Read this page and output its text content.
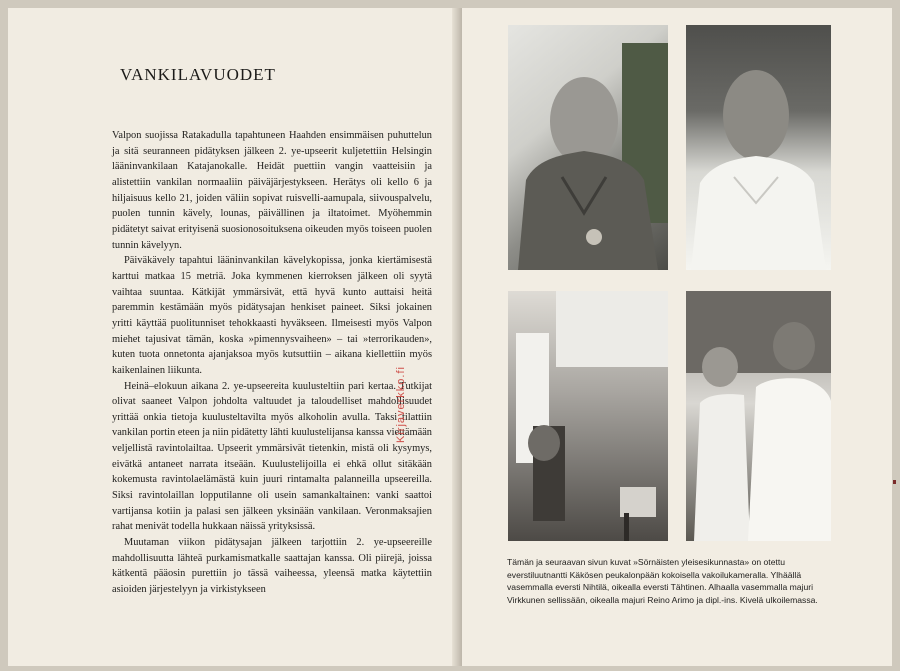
VANKILAVUODET

Valpon suojissa Ratakadulla tapahtuneen Haahden ensimmäisen puhuttelun ja sitä seuranneen pidätyksen jälkeen 2. ye-upseerit kuljetettiin Helsingin lääninvankilaan Katajanokalle. Heidät puettiin vangin vaatteisiin ja alistettiin vankilan normaaliin päiväjärjestykseen. Herätys oli kello 6 ja hiljaisuus kello 21, joiden väliin sopivat ruisvelli-aamupala, siivouspalvelu, puolen tunnin kävely, lounas, päivällinen ja iltatoimet. Myöhemmin pidätetyt saivat erityisenä suosionosoituksena oikeuden myös toiseen puolen tunnin kävelyyn.

Päiväkävely tapahtui lääninvankilan kävelykopissa, jonka kiertämisestä karttui matkaa 15 metriä. Joka kymmenen kierroksen jälkeen oli syytä vaihtaa suuntaa. Kätkijät ymmärsivät, että hyvä kunto auttaisi heitä paremmin kestämään myös pidätysajan henkiset paineet. Siksi jokainen yritti käyttää puolitunniset tehokkaasti hyväkseen. Ilmeisesti myös Valpon miehet tajusivat tämän, koska »pimennysvaiheen» – tai »terrorikauden», kuten tuota onnetonta ajanjaksoa myös kutsuttiin – aikana kiellettiin myös kaikenlainen liikunta.

Heinä–elokuun aikana 2. ye-upseereita kuulusteltiin pari kertaa. Tutkijat olivat saaneet Valpon johdolta valtuudet ja taloudelliset mahdollisuudet yrittää onkia tietoja kuulusteltavilta myös alkoholin avulla. Taksi tilattiin vankilan portin eteen ja niin pidätetty lähti kuulustelijansa kanssa viettämään veljellistä ravintolailtaa. Upseerit ymmärsivät tietenkin, mistä oli kysymys, eivätkä antaneet narrata itseään. Kuulustelijoilla ei ehkä ollut sitäkään kokemusta ravintolaelämästä kuin juuri rintamalta palanneilla upseereilla. Siksi ravintolaillan lopputilanne oli usein samankaltainen: vanki saattoi vartijansa kotiin ja palasi sen jälkeen yksinään vankilaan. Veronmaksajien rahat menivät todella hukkaan näissä yrityksissä.

Muutaman viikon pidätysajan jälkeen tarjottiin 2. ye-upseereille mahdollisuutta lähteä purkamismatkalle saattajan kanssa. Oli piirejä, joissa kätkentä pääosin purettiin jo tässä vaiheessa, yleensä matka käytettiin asioiden järjestelyyn ja virkistykseen

Kirjaverkko.fi
Tämän ja seuraavan sivun kuvat »Sörnäisten yleisesikunnasta» on otettu everstiluutnantti Käkösen peukalonpään kokoisella vakoilukameralla. Ylhäällä vasemmalla eversti Nihtilä, oikealla eversti Tähtinen. Alhaalla vasemmalla majuri Virkkunen sellissään, oikealla majuri Reino Arimo ja dipl.-ins. Kivelä ulkoilemassa.
